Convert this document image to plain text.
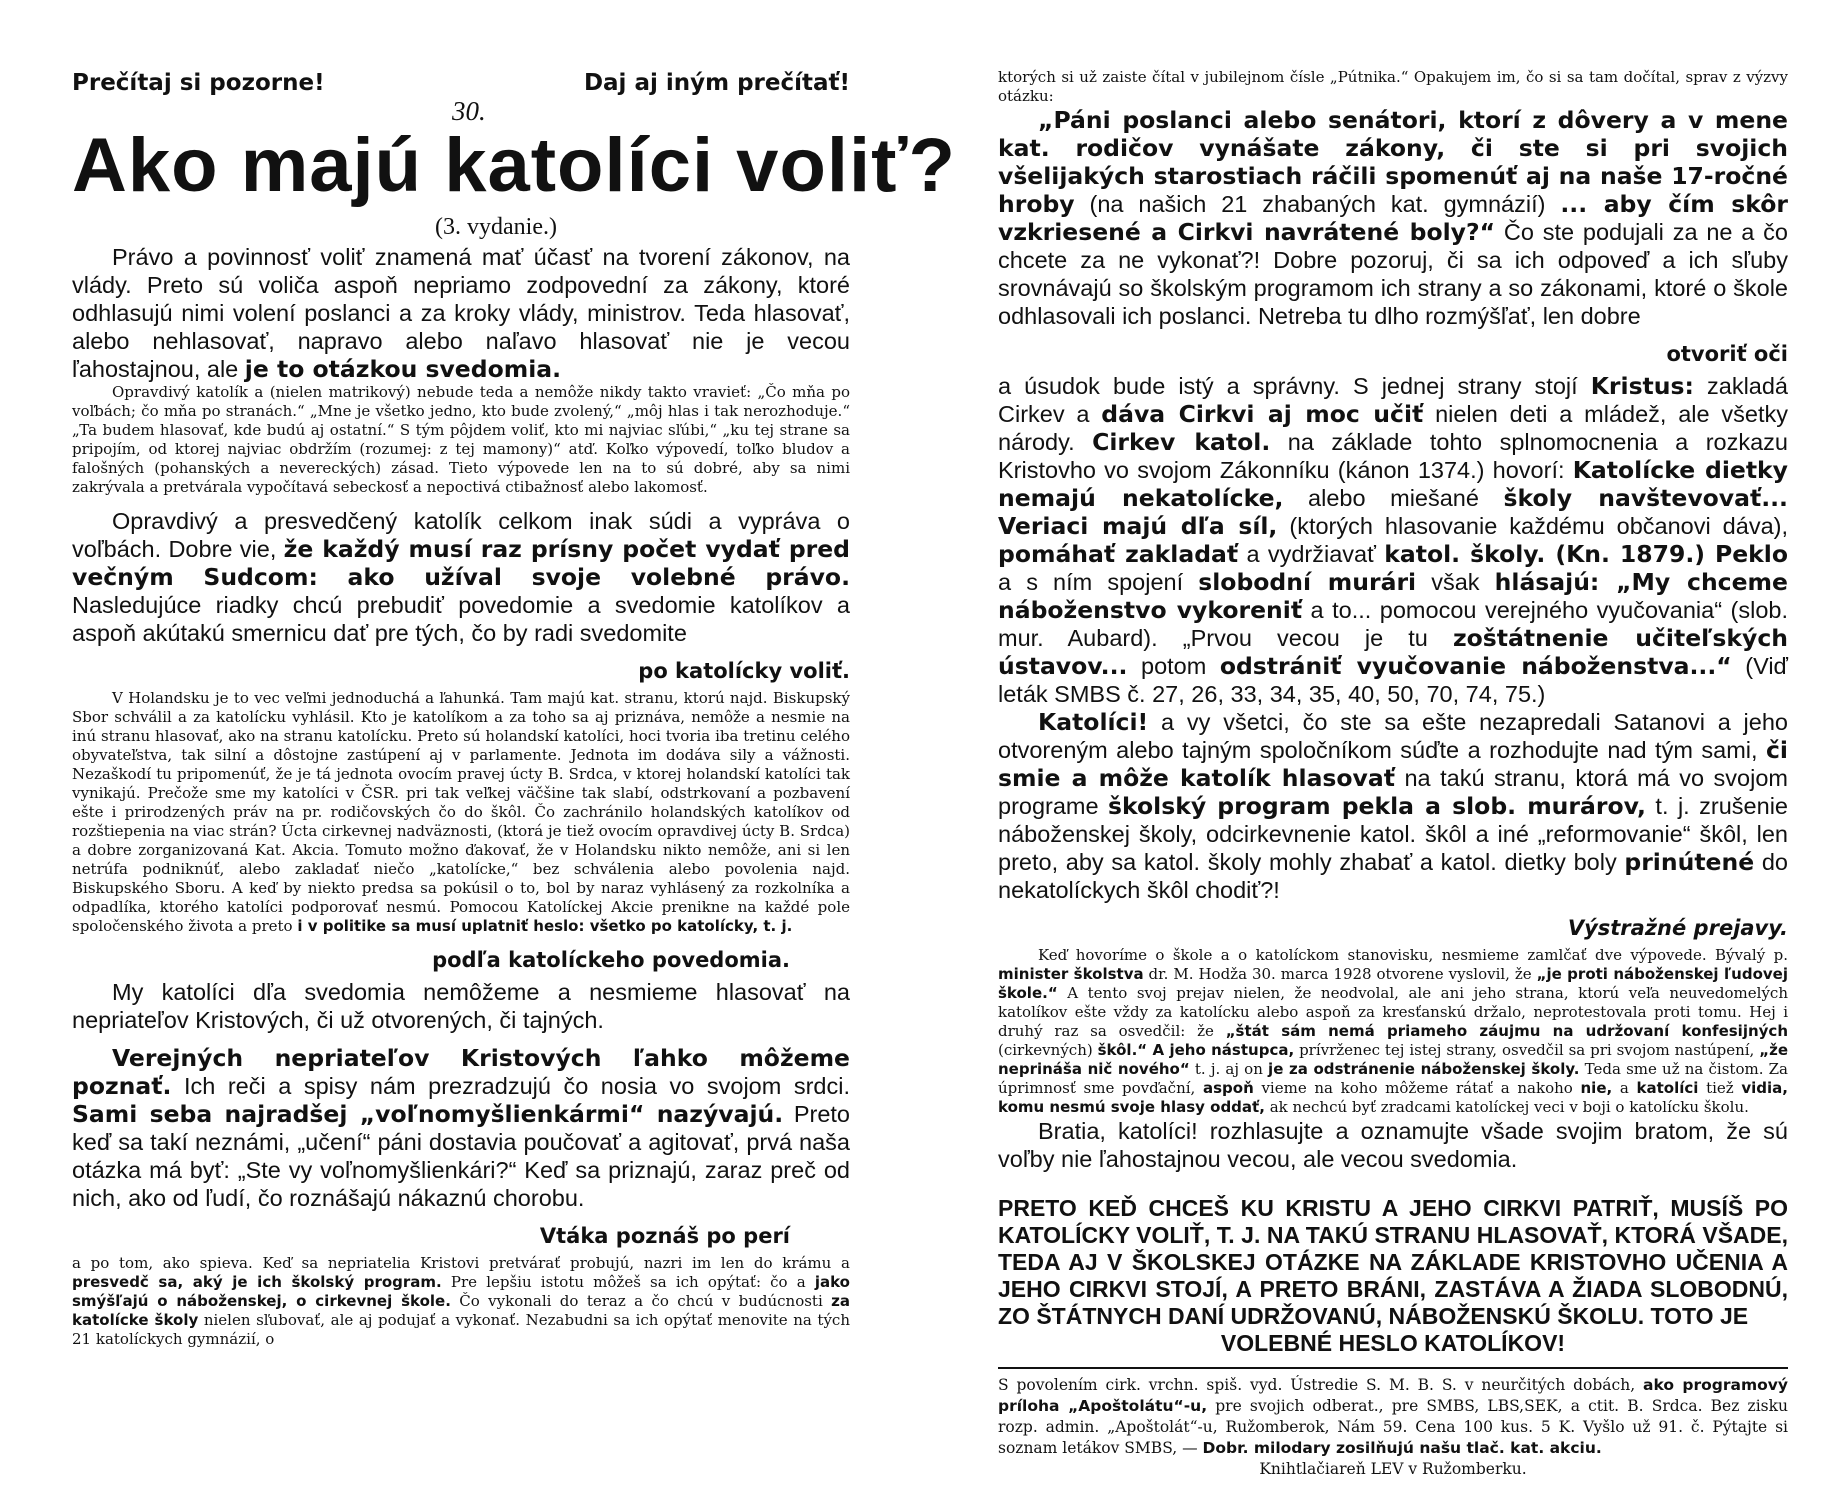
Prečítaj si pozorne!
30.
Daj aj iným prečítať!
Ako majú katolíci voliť?
(3. vydanie.)

Právo a povinnosť voliť znamená mať účasť na tvorení zákonov, na vlády. Preto sú voliča aspoň nepriamo zodpovední za zákony, ktoré odhlasujú nimi volení poslanci a za kroky vlády, ministrov. Teda hlasovať, alebo nehlasovať, napravo alebo naľavo hlasovať nie je vecou ľahostajnou, ale je to otázkou svedomia.

Opravdivý katolík a (nielen matrikový) nebude teda a nemôže nikdy takto vravieť: „Čo mňa po voľbách; čo mňa po stranách.“ „Mne je všetko jedno, kto bude zvolený,“ „môj hlas i tak nerozhoduje.“ „Ta budem hlasovať, kde budú aj ostatní.“ S tým pôjdem voliť, kto mi najviac sľúbi,“ „ku tej strane sa pripojím, od ktorej najviac obdržím (rozumej: z tej mamony)“ atď. Koľko výpovedí, toľko bludov a falošných (pohanských a nevereckých) zásad. Tieto výpovede len na to sú dobré, aby sa nimi zakrývala a pretvárala vypočítavá sebeckosť a nepoctivá ctibažnosť alebo lakomosť.

Opravdivý a presvedčený katolík celkom inak súdi a vypráva o voľbách. Dobre vie, že každý musí raz prísny počet vydať pred večným Sudcom: ako užíval svoje volebné právo. Nasledujúce riadky chcú prebudiť povedomie a svedomie katolíkov a aspoň akútakú smernicu dať pre tých, čo by radi svedomite

po katolícky voliť.

V Holandsku je to vec veľmi jednoduchá a ľahunká. Tam majú kat. stranu, ktorú najd. Biskupský Sbor schválil a za katolícku vyhlásil. Kto je katolíkom a za toho sa aj priznáva, nemôže a nesmie na inú stranu hlasovať, ako na stranu katolícku. Preto sú holandskí katolíci, hoci tvoria iba tretinu celého obyvateľstva, tak silní a dôstojne zastúpení aj v parlamente. Jednota im dodáva sily a vážnosti. Nezaškodí tu pripomenúť, že je tá jednota ovocím pravej úcty B. Srdca, v ktorej holandskí katolíci tak vynikajú. Prečože sme my katolíci v ČSR. pri tak veľkej väčšine tak slabí, odstrkovaní a pozbavení ešte i prirodzených práv na pr. rodičovských čo do škôl. Čo zachránilo holandských katolíkov od rozštiepenia na viac strán? Úcta cirkevnej nadväznosti, (ktorá je tiež ovocím opravdivej úcty B. Srdca) a dobre zorganizovaná Kat. Akcia. Tomuto možno ďakovať, že v Holandsku nikto nemôže, ani si len netrúfa podniknúť, alebo zakladať niečo „katolícke,“ bez schválenia alebo povolenia najd. Biskupského Sboru. A keď by niekto predsa sa pokúsil o to, bol by naraz vyhlásený za rozkolníka a odpadlíka, ktorého katolíci podporovať nesmú. Pomocou Katolíckej Akcie prenikne na každé pole spoločenského života a preto i v politike sa musí uplatniť heslo: všetko po katolícky, t. j.

podľa katolíckeho povedomia.

My katolíci dľa svedomia nemôžeme a nesmieme hlasovať na nepriateľov Kristových, či už otvorených, či tajných.

Verejných nepriateľov Kristových ľahko môžeme poznať. Ich reči a spisy nám prezradzujú čo nosia vo svojom srdci. Sami seba najradšej „voľnomyšlienkármi“ nazývajú. Preto keď sa takí neznámi, „učení“ páni dostavia poučovať a agitovať, prvá naša otázka má byť: „Ste vy voľnomyšlienkári?“ Keď sa priznajú, zaraz preč od nich, ako od ľudí, čo roznášajú nákaznú chorobu.

Vtáka poznáš po perí

a po tom, ako spieva. Keď sa nepriatelia Kristovi pretvárať probujú, nazri im len do krámu a presvedč sa, aký je ich školský program. Pre lepšiu istotu môžeš sa ich opýtať: čo a jako smýšľajú o náboženskej, o cirkevnej škole. Čo vykonali do teraz a čo chcú v budúcnosti za katolícke školy nielen sľubovať, ale aj podujať a vykonať. Nezabudni sa ich opýtať menovite na tých 21 katolíckych gymnázií, o

ktorých si už zaiste čítal v jubilejnom čísle „Pútnika.“ Opakujem im, čo si sa tam dočítal, sprav z výzvy otázku:

„Páni poslanci alebo senátori, ktorí z dôvery a v mene kat. rodičov vynášate zákony, či ste si pri svojich všelijakých starostiach ráčili spomenúť aj na naše 17-ročné hroby (na našich 21 zhabaných kat. gymnázií) ... aby čím skôr vzkriesené a Cirkvi navrátené boly?“ Čo ste podujali za ne a čo chcete za ne vykonať?! Dobre pozoruj, či sa ich odpoveď a ich sľuby srovnávajú so školským programom ich strany a so zákonami, ktoré o škole odhlasovali ich poslanci. Netreba tu dlho rozmýšľať, len dobre

otvoriť oči

a úsudok bude istý a správny. S jednej strany stojí Kristus: zakladá Cirkev a dáva Cirkvi aj moc učiť nielen deti a mládež, ale všetky národy. Cirkev katol. na základe tohto splnomocnenia a rozkazu Kristovho vo svojom Zákonníku (kánon 1374.) hovorí: Katolícke dietky nemajú nekatolícke, alebo miešané školy navštevovať... Veriaci majú dľa síl, (ktorých hlasovanie každému občanovi dáva), pomáhať zakladať a vydržiavať katol. školy. (Kn. 1879.) Peklo a s ním spojení slobodní murári však hlásajú: „My chceme náboženstvo vykoreniť a to... pomocou verejného vyučovania“ (slob. mur. Aubard). „Prvou vecou je tu zoštátnenie učiteľských ústavov... potom odstrániť vyučovanie náboženstva...“ (Viď leták SMBS č. 27, 26, 33, 34, 35, 40, 50, 70, 74, 75.)

Katolíci! a vy všetci, čo ste sa ešte nezapredali Satanovi a jeho otvoreným alebo tajným spoločníkom súďte a rozhodujte nad tým sami, či smie a môže katolík hlasovať na takú stranu, ktorá má vo svojom programe školský program pekla a slob. murárov, t. j. zrušenie náboženskej školy, odcirkevnenie katol. škôl a iné „reformovanie“ škôl, len preto, aby sa katol. školy mohly zhabať a katol. dietky boly prinútené do nekatolíckych škôl chodiť?!

Výstražné prejavy.

Keď hovoríme o škole a o katolíckom stanovisku, nesmieme zamlčať dve výpovede. Bývalý p. minister školstva dr. M. Hodža 30. marca 1928 otvorene vyslovil, že „je proti náboženskej ľudovej škole.“ A tento svoj prejav nielen, že neodvolal, ale ani jeho strana, ktorú veľa neuvedomelých katolíkov ešte vždy za katolícku alebo aspoň za kresťanskú držalo, neprotestovala proti tomu. Hej i druhý raz sa osvedčil: že „štát sám nemá priameho záujmu na udržovaní konfesijných (cirkevných) škôl.“ A jeho nástupca, prívrženec tej istej strany, osvedčil sa pri svojom nastúpení, „že neprináša nič nového“ t. j. aj on je za odstránenie náboženskej školy. Teda sme už na čistom. Za úprimnosť sme povďační, aspoň vieme na koho môžeme rátať a nakoho nie, a katolíci tiež vidia, komu nesmú svoje hlasy oddať, ak nechcú byť zradcami katolíckej veci v boji o katolícku školu.

Bratia, katolíci! rozhlasujte a oznamujte všade svojim bratom, že sú voľby nie ľahostajnou vecou, ale vecou svedomia.

PRETO KEĎ CHCEŠ KU KRISTU A JEHO CIRKVI PATRIŤ, MUSÍŠ PO KATOLÍCKY VOLIŤ, T. J. NA TAKÚ STRANU HLASOVAŤ, KTORÁ VŠADE, TEDA AJ V ŠKOLSKEJ OTÁZKE NA ZÁKLADE KRISTOVHO UČENIA A JEHO CIRKVI STOJÍ, A PRETO BRÁNI, ZASTÁVA A ŽIADA SLOBODNÚ, ZO ŠTÁTNYCH DANÍ UDRŽOVANÚ, NÁBOŽENSKÚ ŠKOLU. TOTO JE
VOLEBNÉ HESLO KATOLÍKOV!
S povolením cirk. vrchn. spiš. vyd. Ústredie S. M. B. S. v neurčitých dobách, ako programový príloha „Apoštolátu“-u, pre svojich odberat., pre SMBS, LBS,SEK, a ctit. B. Srdca. Bez zisku rozp. admin. „Apoštolát“-u, Ružomberok, Nám 59. Cena 100 kus. 5 K. Vyšlo už 91. č. Pýtajte si soznam letákov SMBS, — Dobr. milodary zosilňujú našu tlač. kat. akciu.
Knihtlačiareň LEV v Ružomberku.
